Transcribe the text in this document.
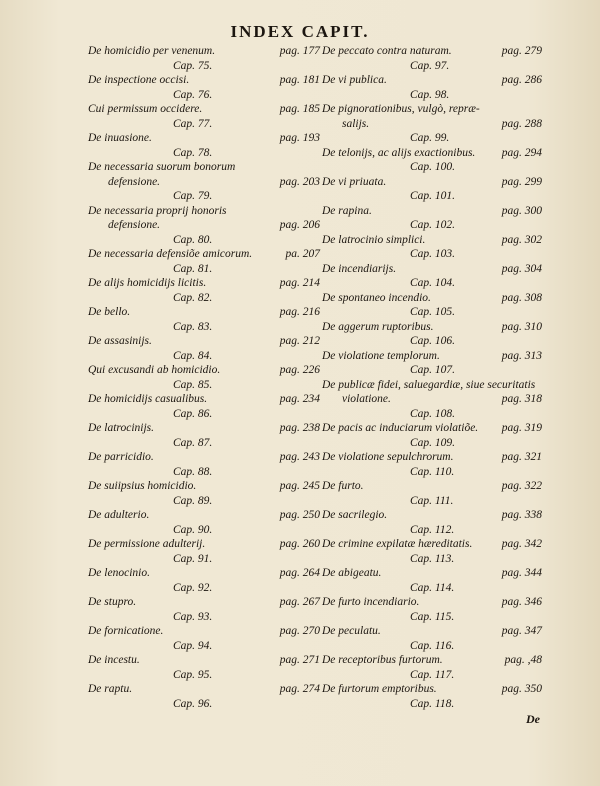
INDEX CAPIT.
De homicidio per venenum.	pag. 177
Cap. 75.
De inspectione occisi.	pag. 181
Cap. 76.
Cui permissum occidere.	pag. 185
Cap. 77.
De inuasione.	pag. 193
Cap. 78.
De necessaria suorum bonorum
defensione.	pag. 203
Cap. 79.
De necessaria proprij honoris
defensione.	pag. 206
Cap. 80.
De necessaria defensiõe amicorum.	pa. 207
Cap. 81.
De alijs homicidijs licitis.	pag. 214
Cap. 82.
De bello.	pag. 216
Cap. 83.
De assasinijs.	pag. 212
Cap. 84.
Qui excusandi ab homicidio.	pag. 226
Cap. 85.
De homicidijs casualibus.	pag. 234
Cap. 86.
De latrocinijs.	pag. 238
Cap. 87.
De parricidio.	pag. 243
Cap. 88.
De suiipsius homicidio.	pag. 245
Cap. 89.
De adulterio.	pag. 250
Cap. 90.
De permissione adulterij.	pag. 260
Cap. 91.
De lenocinio.	pag. 264
Cap. 92.
De stupro.	pag. 267
Cap. 93.
De fornicatione.	pag. 270
Cap. 94.
De incestu.	pag. 271
Cap. 95.
De raptu.	pag. 274
Cap. 96.
De peccato contra naturam.	pag. 279
Cap. 97.
De vi publica.	pag. 286
Cap. 98.
De pignorationibus, vulgò, repræ-
salijs.	pag. 288
Cap. 99.
De telonijs, ac alijs exactionibus.	pag. 294
Cap. 100.
De vi priuata.	pag. 299
Cap. 101.
De rapina.	pag. 300
Cap. 102.
De latrocinio simplici.	pag. 302
Cap. 103.
De incendiarijs.	pag. 304
Cap. 104.
De spontaneo incendio.	pag. 308
Cap. 105.
De aggerum ruptoribus.	pag. 310
Cap. 106.
De violatione templorum.	pag. 313
Cap. 107.
De publicæ fidei, saluegardiæ, siue securitatis
violatione.	pag. 318
Cap. 108.
De pacis ac induciarum violatiõe.	pag. 319
Cap. 109.
De violatione sepulchrorum.	pag. 321
Cap. 110.
De furto.	pag. 322
Cap. 111.
De sacrilegio.	pag. 338
Cap. 112.
De crimine expilatæ hæreditatis.	pag. 342
Cap. 113.
De abigeatu.	pag. 344
Cap. 114.
De furto incendiario.	pag. 346
Cap. 115.
De peculatu.	pag. 347
Cap. 116.
De receptoribus furtorum.	pag. ,48
Cap. 117.
De furtorum emptoribus.	pag. 350
Cap. 118.
De
